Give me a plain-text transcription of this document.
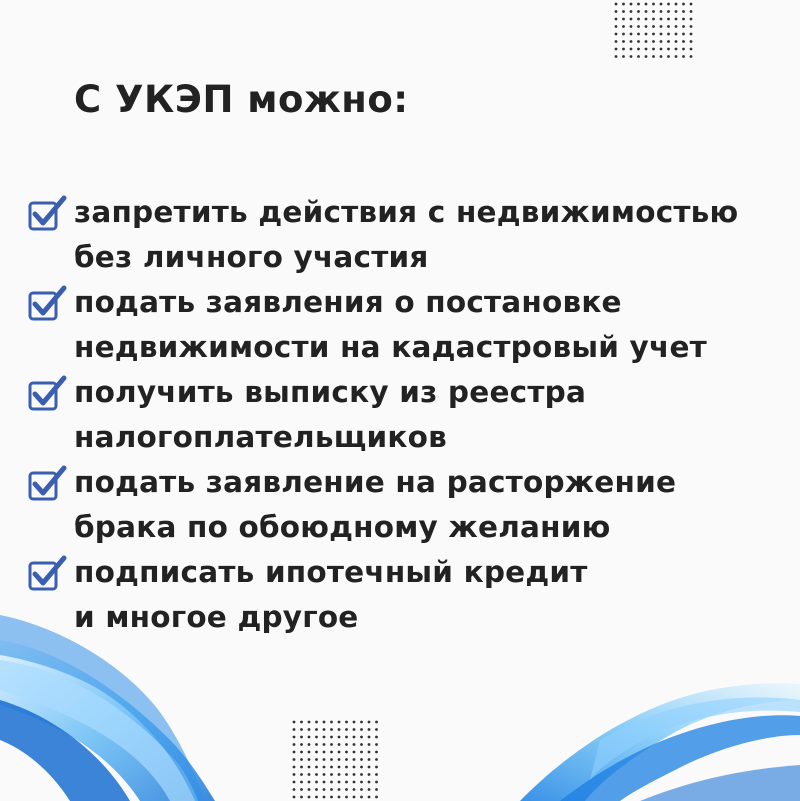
С УКЭП можно:
запретить действия с недвижимостью
без личного участия
подать заявления о постановке
недвижимости на кадастровый учет
получить выписку из реестра
налогоплательщиков
подать заявление на расторжение
брака по обоюдному желанию
подписать ипотечный кредит
и многое другое
